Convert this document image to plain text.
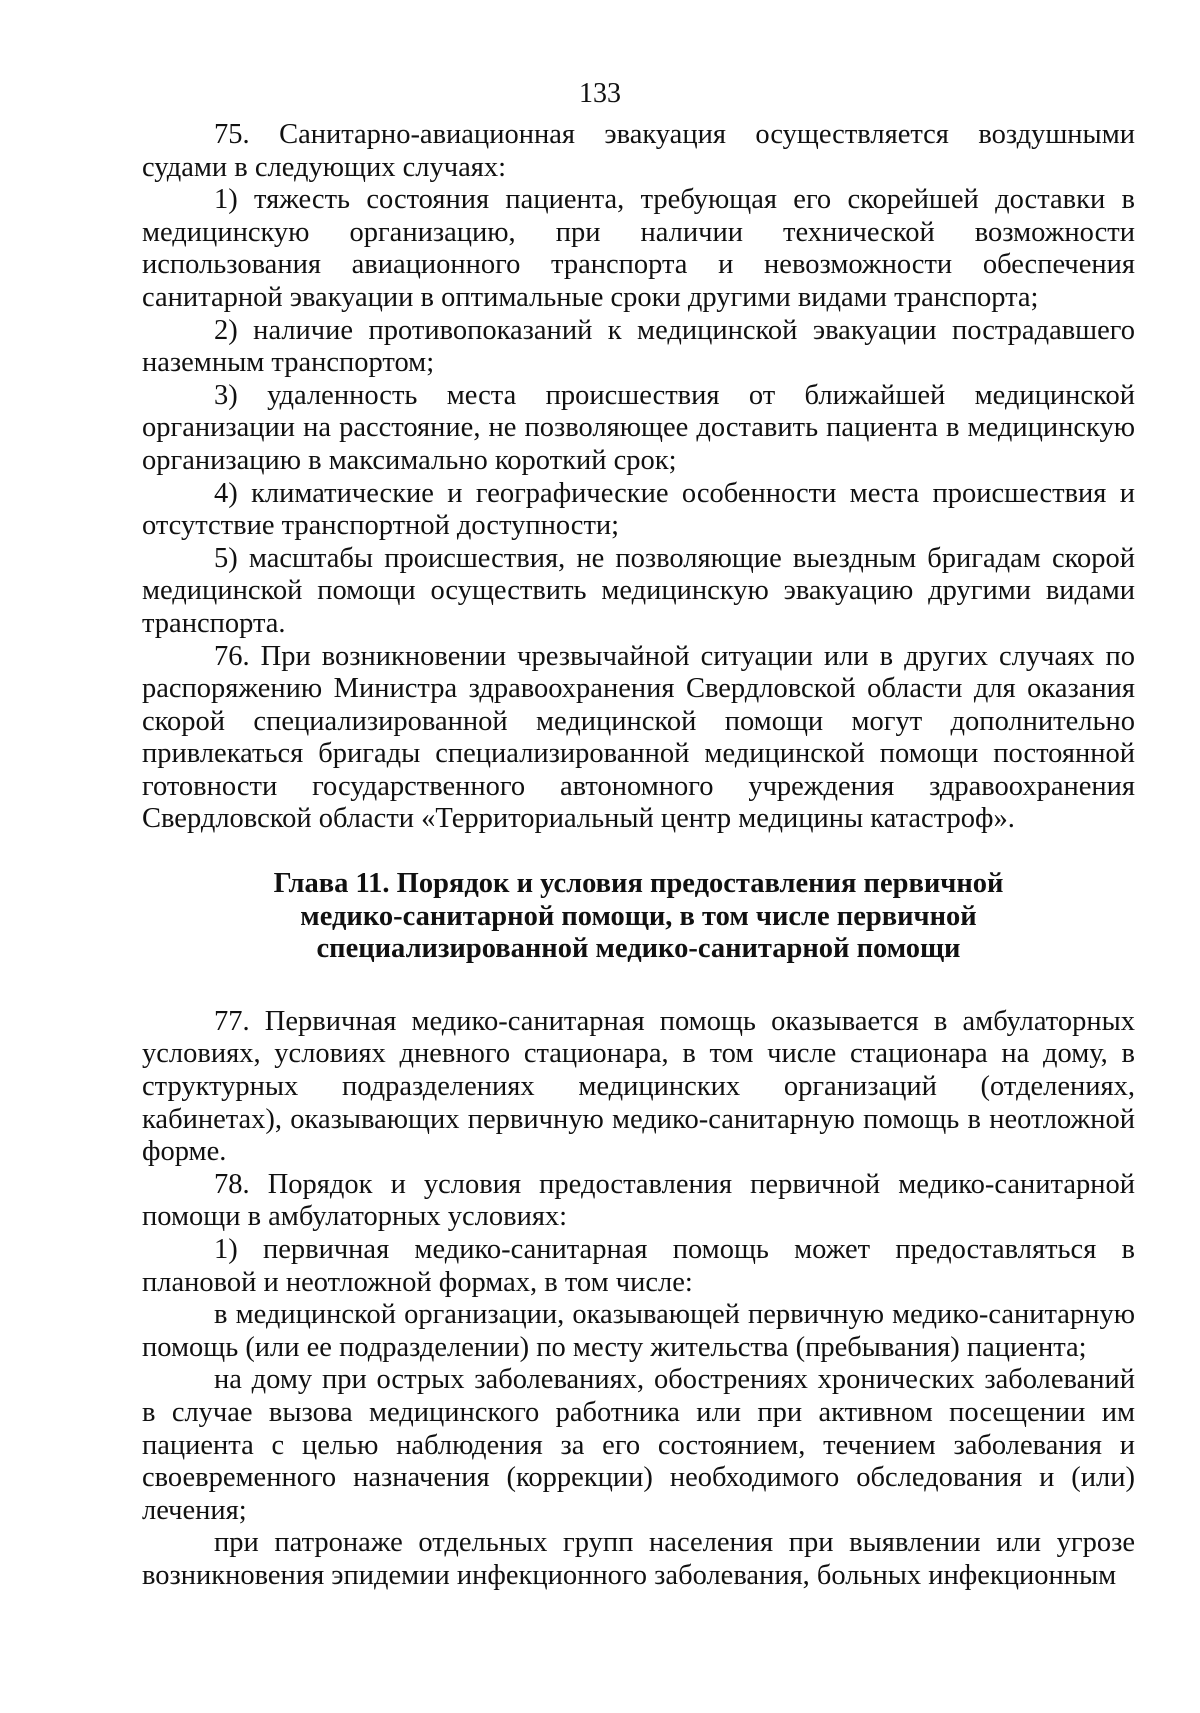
133

75. Санитарно-авиационная эвакуация осуществляется воздушными судами в следующих случаях:

1) тяжесть состояния пациента, требующая его скорейшей доставки в медицинскую организацию, при наличии технической возможности использования авиационного транспорта и невозможности обеспечения санитарной эвакуации в оптимальные сроки другими видами транспорта;

2) наличие противопоказаний к медицинской эвакуации пострадавшего наземным транспортом;

3) удаленность места происшествия от ближайшей медицинской организации на расстояние, не позволяющее доставить пациента в медицинскую организацию в максимально короткий срок;

4) климатические и географические особенности места происшествия и отсутствие транспортной доступности;

5) масштабы происшествия, не позволяющие выездным бригадам скорой медицинской помощи осуществить медицинскую эвакуацию другими видами транспорта.

76. При возникновении чрезвычайной ситуации или в других случаях по распоряжению Министра здравоохранения Свердловской области для оказания скорой специализированной медицинской помощи могут дополнительно привлекаться бригады специализированной медицинской помощи постоянной готовности государственного автономного учреждения здравоохранения Свердловской области «Территориальный центр медицины катастроф».

Глава 11. Порядок и условия предоставления первичной медико-санитарной помощи, в том числе первичной специализированной медико-санитарной помощи

77. Первичная медико-санитарная помощь оказывается в амбулаторных условиях, условиях дневного стационара, в том числе стационара на дому, в структурных подразделениях медицинских организаций (отделениях, кабинетах), оказывающих первичную медико-санитарную помощь в неотложной форме.

78. Порядок и условия предоставления первичной медико-санитарной помощи в амбулаторных условиях:

1) первичная медико-санитарная помощь может предоставляться в плановой и неотложной формах, в том числе:

в медицинской организации, оказывающей первичную медико-санитарную помощь (или ее подразделении) по месту жительства (пребывания) пациента;

на дому при острых заболеваниях, обострениях хронических заболеваний в случае вызова медицинского работника или при активном посещении им пациента с целью наблюдения за его состоянием, течением заболевания и своевременного назначения (коррекции) необходимого обследования и (или) лечения;

при патронаже отдельных групп населения при выявлении или угрозе возникновения эпидемии инфекционного заболевания, больных инфекционным
